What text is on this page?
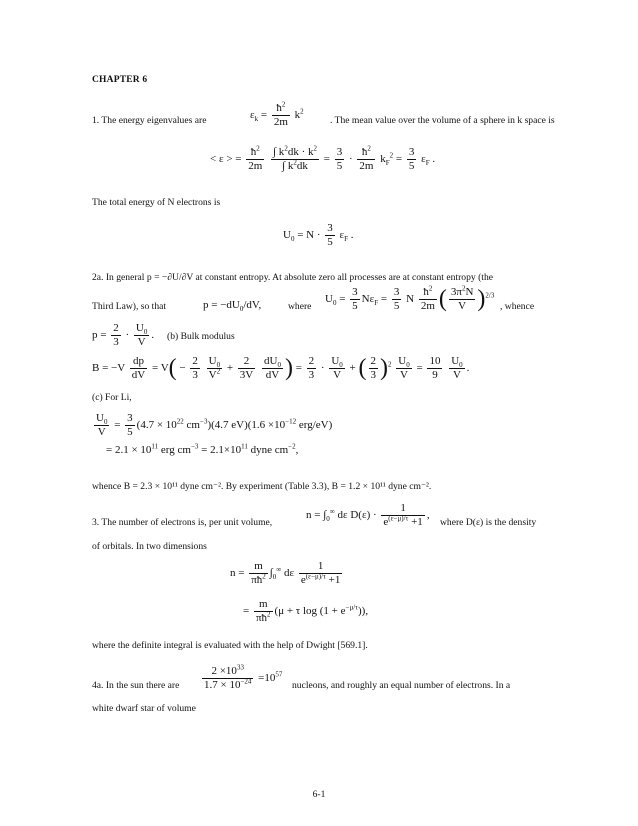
CHAPTER 6
1. The energy eigenvalues are	$\varepsilon_k = \frac{ħ^2}{2m} k^2$
. The mean value over the volume of a sphere in k space is
< ε > = $\frac{ħ^2}{2m}$
$\frac{\int k^2dk \cdot k^2}{\int k^2dk} = \frac{3}{5} \cdot \frac{ħ^2}{2m} k_F^2 = \frac{3}{5} \varepsilon_F$ .
The total energy of N electrons is
$U_0 = N \cdot \frac{3}{5} \varepsilon_F$ .
2a. In general p = −∂U/∂V at constant entropy. At absolute zero all processes are at constant entropy (the
Third Law), so that	$p = -dU_0/dV$,	where
$U_0 = \frac{3}{5} N\varepsilon_F = \frac{3}{5}$ N $\frac{ħ^2}{2m}$ ( $\frac{3\pi^2N}{V} )^{2/3}$
, whence
$p = \frac{2}{3} \cdot \frac{U_0}{V}$ . (b) Bulk modulus
$B = -V \frac{dp}{dV} = V( - \frac{2}{3}$
$\frac{U_0}{V^2} + \frac{2}{3V}$
$\frac{dU_0}{dV}$ ) = $\frac{2}{3} \cdot \frac{U_0}{V}$ + ( $\frac{2}{3} )^2 \frac{U_0}{V} = \frac{10}{9}$
$\frac{U_0}{V}$ .
(c) For Li,
$\frac{U_0}{V} = \frac{3}{5} (4.7 \times 10^{22}$ $cm^{-3})(4.7$ $eV)(1.6 \times 10^{-12}$ erg/eV)
= $2.1 \times 10^{11}$ erg $cm^{-3} = 2.1\times 10^{11}$ dyne $cm^{-2}$,
whence B = 2.3 × 10¹¹ dyne cm⁻². By experiment (Table 3.3), B = 1.2 × 10¹¹ dyne cm⁻².
3. The number of electrons is, per unit volume,
$n = \int_0^\infty$ dε $D(\varepsilon) \cdot \frac{1}{e^{(\varepsilon-\mu)/\tau} +1}$ ,
where D(ε) is the density
of orbitals. In two dimensions
$n = \frac{m}{\pi ħ^2} \int_0^\infty$ dε $\frac{1}{e^{(\varepsilon-\mu)/\tau} +1}$
= $\frac{m}{\pi ħ^2} (\mu + \tau$ $\log (1 + e^{-\mu/\tau})$),
where the definite integral is evaluated with the help of Dwight [569.1].
4a. In the sun there are $\frac{2 \times 10^{33}}{1.7 \times 10^{-24}} =10^{57}$
nucleons, and roughly an equal number of electrons. In a
white dwarf star of volume
6-1
